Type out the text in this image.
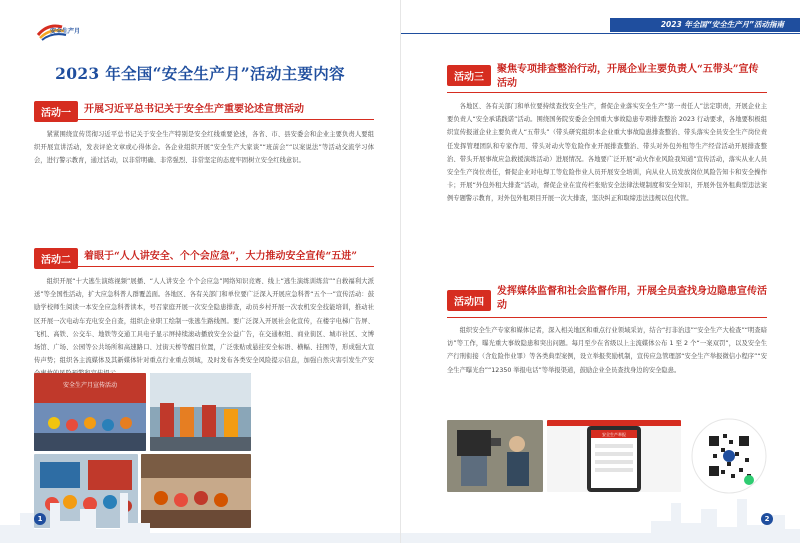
安全生产月
2023 年全国“安全生产月”活动主要内容
活动一	开展习近平总书记关于安全生产重要论述宣贯活动
紧紧围绕宣传贯彻习近平总书记关于安全生产特别是安全红线重要论述，各省、市、县安委会和企业主要负责人要组织开展宣讲活动，发表评论文章或心得体会。各企业组织开展“安全生产大家谈”“班前会”“以案说法”等活动交流学习体会，进行警示教育，通过活动，以非常明确、非常强烈、非常坚定的态度牢固树立安全红线意识。
活动二	着眼于“人人讲安全、个个会应急”，大力推动安全宣传“五进”
组织开展“十大逃生演练视频”展播、“人人讲安全 个个会应急”网络知识竞赛、线上“逃生演练训练营”“自救福利大派送”等全国性活动，扩大应急科普人群覆盖面。各地区、各有关部门和单位要广泛深入开展应急科普“五个一”宣传活动：鼓励学校师生阅读一本安全应急科普读本，号召家庭开展一次安全隐患排查，动员乡村开展一次农机安全技能培训，推动社区开展一次电动车充电安全自查，组织企业职工绘制一张逃生路线图。要广泛深入开展社会化宣传，在楼宇电梯广告屏、飞机、高铁、公交车、地铁等交通工具电子显示屏持续滚动播放安全公益广告，在交通枢纽、商业街区、城市社区、文博场馆、广场、公园等公共场所和高速路口、过街天桥等醒目位置，广泛张贴或悬挂安全标语、横幅、挂图等，形成强大宣传声势；组织各主流媒体及其新媒体针对重点行业重点领域，及时发布各类安全风险提示信息，加强自然灾害引发生产安
安全生产月宣传活动
1
2023 年全国“安全生产月”活动指南
活动三
聚焦专项排查整治行动，开展企业主要负责人“五带头”宣传活动
各地区、各有关部门和单位要持续查找安全生产，督促企业落实安全生产“第一责任人”法定职责，开展企业主要负责人“安全承诺践诺”活动。围绕国务院安委会全国重大事故隐患专项排查整治 2023 行动要求，各地要积极组织宣传报道企业主要负责人“五带头”（带头研究组织本企业重大事故隐患排查整治、带头落实全员安全生产岗位责任发挥管理团队和专家作用、带头对动火等危险作业开展排查整治、带头对外包外租等生产经营活动开展排查整治、带头开展事故应急救援演练活动）进展情况。各地要广泛开展“动火作业风险我知道”宣传活动，落实从业人员安全生产岗位责任，督促企业对电焊工等危险作业人员开展安全培训，向从业人员发放岗位风险告知卡和安全操作卡；开展“外包外租大排查”活动，督促企业在宣传栏张贴安全法律法规制度和安全知识，开展外包外租典型违法案例专题警示教育，对外包外租项目开展一次大排查，坚决纠正和取缔违法违规以包代管。
活动四
发挥媒体监督和社会监督作用，开展全员查找身边隐患宣传活动
组织安全生产专家和媒体记者，深入相关地区和重点行业领域采访，结合“打非治违”“安全生产大检查”“明查暗访”等工作，曝光重大事故隐患和突出问题。每月至少在省级以上主流媒体公布 1 至 2 个“一案双罚”，以及安全生产行刑衔接（含危险作业罪）等各类典型案例，设立举报奖励机制，宣传应急管理部“安全生产举报微信小程序”“安全生产曝光台”“12350 举报电话”等举报渠道，鼓励企业全员查找身边的安全隐患。
安全生产举报
2
